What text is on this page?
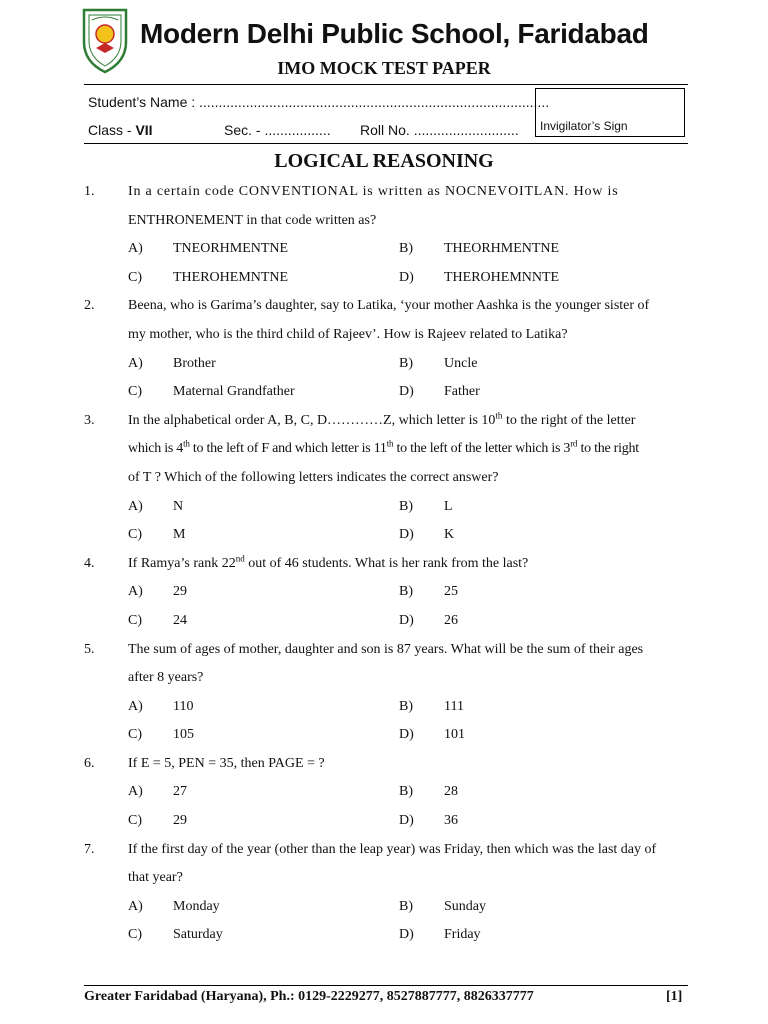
Modern Delhi Public School, Faridabad
IMO MOCK TEST PAPER
Student’s Name : ..........................................................................................
Invigilator’s Sign
Class - VII	Sec. - ................. Roll No. ...........................
LOGICAL REASONING
1.	In a certain code CONVENTIONAL is written as NOCNEVOITLAN. How is
ENTHRONEMENT in that code written as?
A)	TNEORHMENTNE	B)	THEORHMENTNE
C)	THEROHEMNTNE	D)	THEROHEMNNTE
2.	Beena, who is Garima’s daughter, say to Latika, ‘your mother Aashka is the younger sister of
my mother, who is the third child of Rajeev’. How is Rajeev related to Latika?
A)	Brother	B)	Uncle
C)	Maternal Grandfather	D)	Father
3.	In the alphabetical order A, B, C, D…………Z, which letter is 10th to the right of the letter
which is 4th to the left of F and which letter is 11th to the left of the letter which is 3rd to the right
of T ? Which of the following letters indicates the correct answer?
A)	N	B)	L
C)	M	D)	K
4.	If Ramya’s rank 22nd out of 46 students. What is her rank from the last?
A)	29	B)	25
C)	24	D)	26
5.	The sum of ages of mother, daughter and son is 87 years. What will be the sum of their ages
after 8 years?
A)	110	B)	111
C)	105	D)	101
6.	If E = 5, PEN = 35, then PAGE = ?
A)	27	B)	28
C)	29	D)	36
7.	If the first day of the year (other than the leap year) was Friday, then which was the last day of
that year?
A)	Monday	B)	Sunday
C)	Saturday	D)	Friday
Greater Faridabad (Haryana), Ph.: 0129-2229277, 8527887777, 8826337777	[1]
